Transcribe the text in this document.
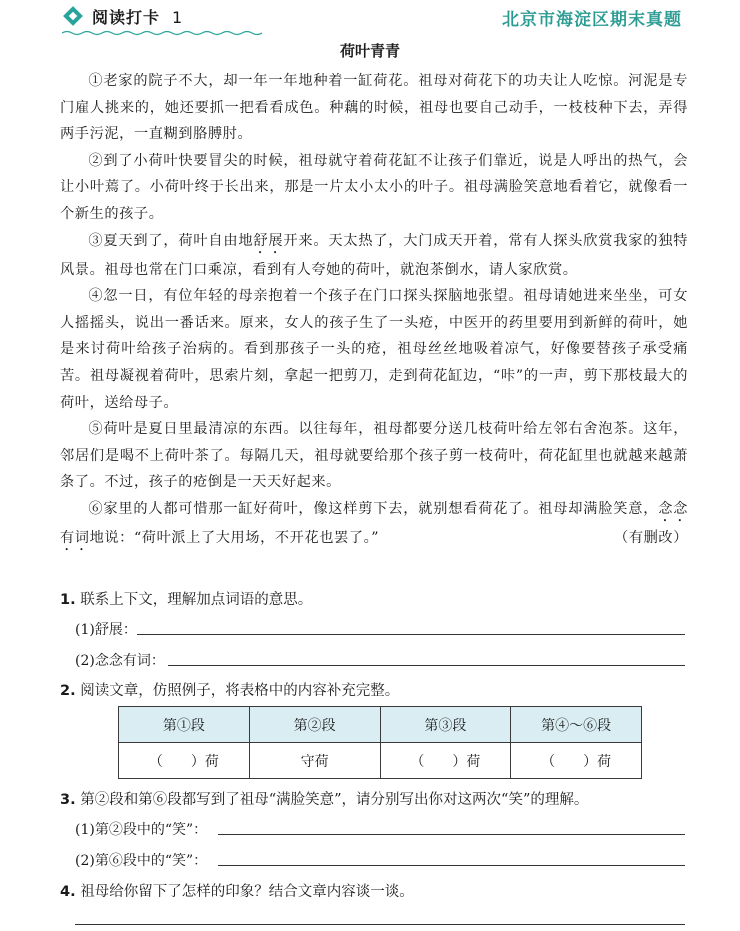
阅读打卡 1	北京市海淀区期末真题
荷叶青青

①老家的院子不大，却一年一年地种着一缸荷花。祖母对荷花下的功夫让人吃惊。河泥是专门雇人挑来的，她还要抓一把看看成色。种藕的时候，祖母也要自己动手，一枝枝种下去，弄得两手污泥，一直糊到胳膊肘。

②到了小荷叶快要冒尖的时候，祖母就守着荷花缸不让孩子们靠近，说是人呼出的热气，会让小叶蔫了。小荷叶终于长出来，那是一片太小太小的叶子。祖母满脸笑意地看着它，就像看一个新生的孩子。

③夏天到了，荷叶自由地舒展开来。天太热了，大门成天开着，常有人探头欣赏我家的独特风景。祖母也常在门口乘凉，看到有人夸她的荷叶，就泡茶倒水，请人家欣赏。

④忽一日，有位年轻的母亲抱着一个孩子在门口探头探脑地张望。祖母请她进来坐坐，可女人摇摇头，说出一番话来。原来，女人的孩子生了一头疮，中医开的药里要用到新鲜的荷叶，她是来讨荷叶给孩子治病的。看到那孩子一头的疮，祖母丝丝地吸着凉气，好像要替孩子承受痛苦。祖母凝视着荷叶，思索片刻，拿起一把剪刀，走到荷花缸边，“咔”的一声，剪下那枝最大的荷叶，送给母子。

⑤荷叶是夏日里最清凉的东西。以往每年，祖母都要分送几枝荷叶给左邻右舍泡茶。这年，邻居们是喝不上荷叶茶了。每隔几天，祖母就要给那个孩子剪一枝荷叶，荷花缸里也就越来越萧条了。不过，孩子的疮倒是一天天好起来。

⑥家里的人都可惜那一缸好荷叶，像这样剪下去，就别想看荷花了。祖母却满脸笑意，念念有词地说：“荷叶派上了大用场，不开花也罢了。”	（有删改）

1. 联系上下文，理解加点词语的意思。
(1)舒展：
(2)念念有词：
2. 阅读文章，仿照例子，将表格中的内容补充完整。
第①段	第②段	第③段	第④～⑥段
（　　）荷	守荷	（　　）荷	（　　）荷
3. 第②段和第⑥段都写到了祖母“满脸笑意”，请分别写出你对这两次“笑”的理解。
(1)第②段中的“笑”：
(2)第⑥段中的“笑”：
4. 祖母给你留下了怎样的印象？结合文章内容谈一谈。
